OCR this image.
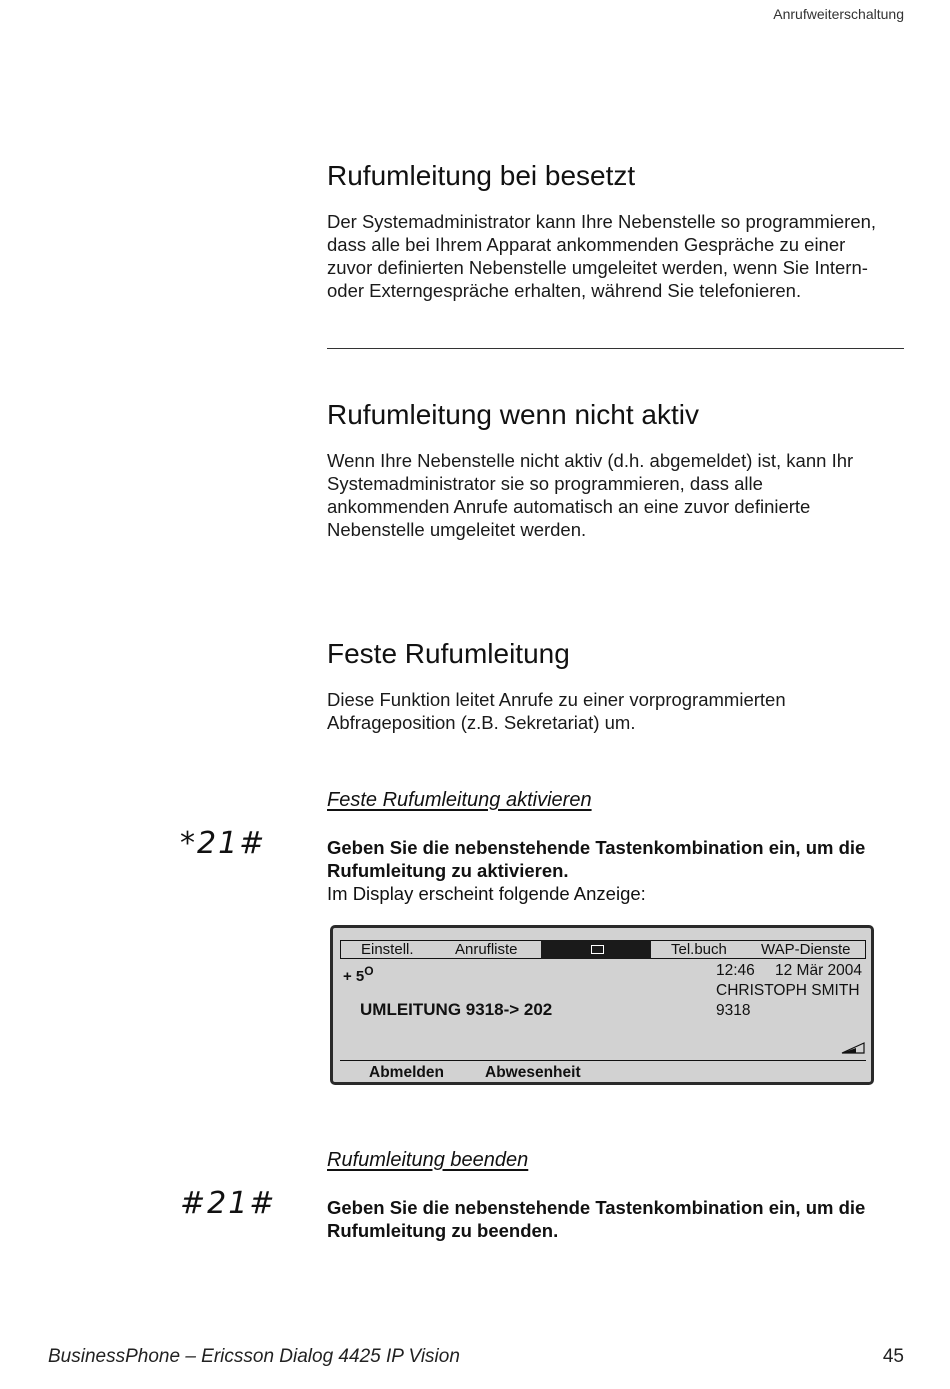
Anrufweiterschaltung
Rufumleitung bei besetzt

Der Systemadministrator kann Ihre Nebenstelle so programmieren,
dass alle bei Ihrem Apparat ankommenden Gespräche zu einer
zuvor definierten Nebenstelle umgeleitet werden, wenn Sie Intern-
oder Externgespräche erhalten, während Sie telefonieren.

Rufumleitung wenn nicht aktiv

Wenn Ihre Nebenstelle nicht aktiv (d.h. abgemeldet) ist, kann Ihr
Systemadministrator sie so programmieren, dass alle
ankommenden Anrufe automatisch an eine zuvor definierte
Nebenstelle umgeleitet werden.

Feste Rufumleitung

Diese Funktion leitet Anrufe zu einer vorprogrammierten
Abfrageposition (z.B. Sekretariat) um.

Feste Rufumleitung aktivieren
*21#	Geben Sie die nebenstehende Tastenkombination ein, um die
Rufumleitung zu aktivieren.
Im Display erscheint folgende Anzeige:

Einstell.	Anrufliste	Tel.buch WAP-Dienste
+ $5^O$	12:46 12 Mär 2004
CHRISTOPH SMITH
9318
UMLEITUNG 9318-> 202
Abmelden	Abwesenheit
Rufumleitung beenden
#21#	Geben Sie die nebenstehende Tastenkombination ein, um die
Rufumleitung zu beenden.

BusinessPhone – Ericsson Dialog 4425 IP Vision	45
